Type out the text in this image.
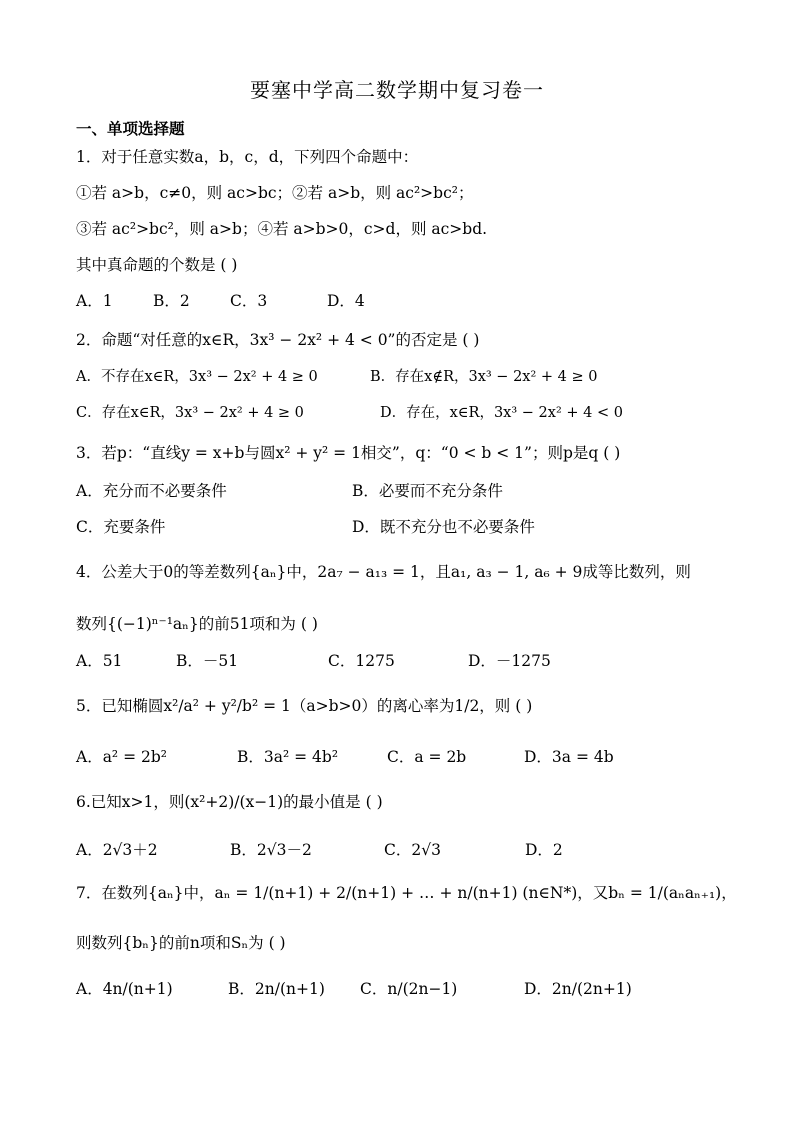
要塞中学高二数学期中复习卷一
一、单项选择题
1．对于任意实数a，b，c，d，下列四个命题中：
①若 a>b，c≠0，则 ac>bc；②若 a>b，则 ac²>bc²；
③若 ac²>bc²，则 a>b；④若 a>b>0，c>d，则 ac>bd.
其中真命题的个数是 ( )
A．1	B．2	C．3	D．4
2．命题“对任意的x∈R，3x³ − 2x² + 4 < 0”的否定是 ( )
A．不存在x∈R，3x³ − 2x² + 4 ≥ 0	B．存在x∉R，3x³ − 2x² + 4 ≥ 0
C．存在x∈R，3x³ − 2x² + 4 ≥ 0	D．存在，x∈R，3x³ − 2x² + 4 < 0
3．若p：“直线y = x+b与圆x² + y² = 1相交”，q：“0 < b < 1”；则p是q ( )
A．充分而不必要条件	B．必要而不充分条件
C．充要条件	D．既不充分也不必要条件
4．公差大于0的等差数列{aₙ}中，2a₇ − a₁₃ = 1，且a₁, a₃ − 1, a₆ + 9成等比数列，则
数列{(−1)ⁿ⁻¹aₙ}的前51项和为 ( )
A．51	B．－51	C．1275	D．－1275
5．已知椭圆x²/a² + y²/b² = 1（a>b>0）的离心率为1/2，则 ( )
A．a² = 2b²	B．3a² = 4b²	C．a = 2b	D．3a = 4b
6.已知x>1，则(x²+2)/(x−1)的最小值是 ( )
A．2√3＋2	B．2√3－2	C．2√3	D．2
7．在数列{aₙ}中，aₙ = 1/(n+1) + 2/(n+1) + … + n/(n+1) (n∈N*)，又bₙ = 1/(aₙaₙ₊₁)，
则数列{bₙ}的前n项和Sₙ为 ( )
A．4n/(n+1)	B．2n/(n+1) C．n/(2n−1)	D．2n/(2n+1)
